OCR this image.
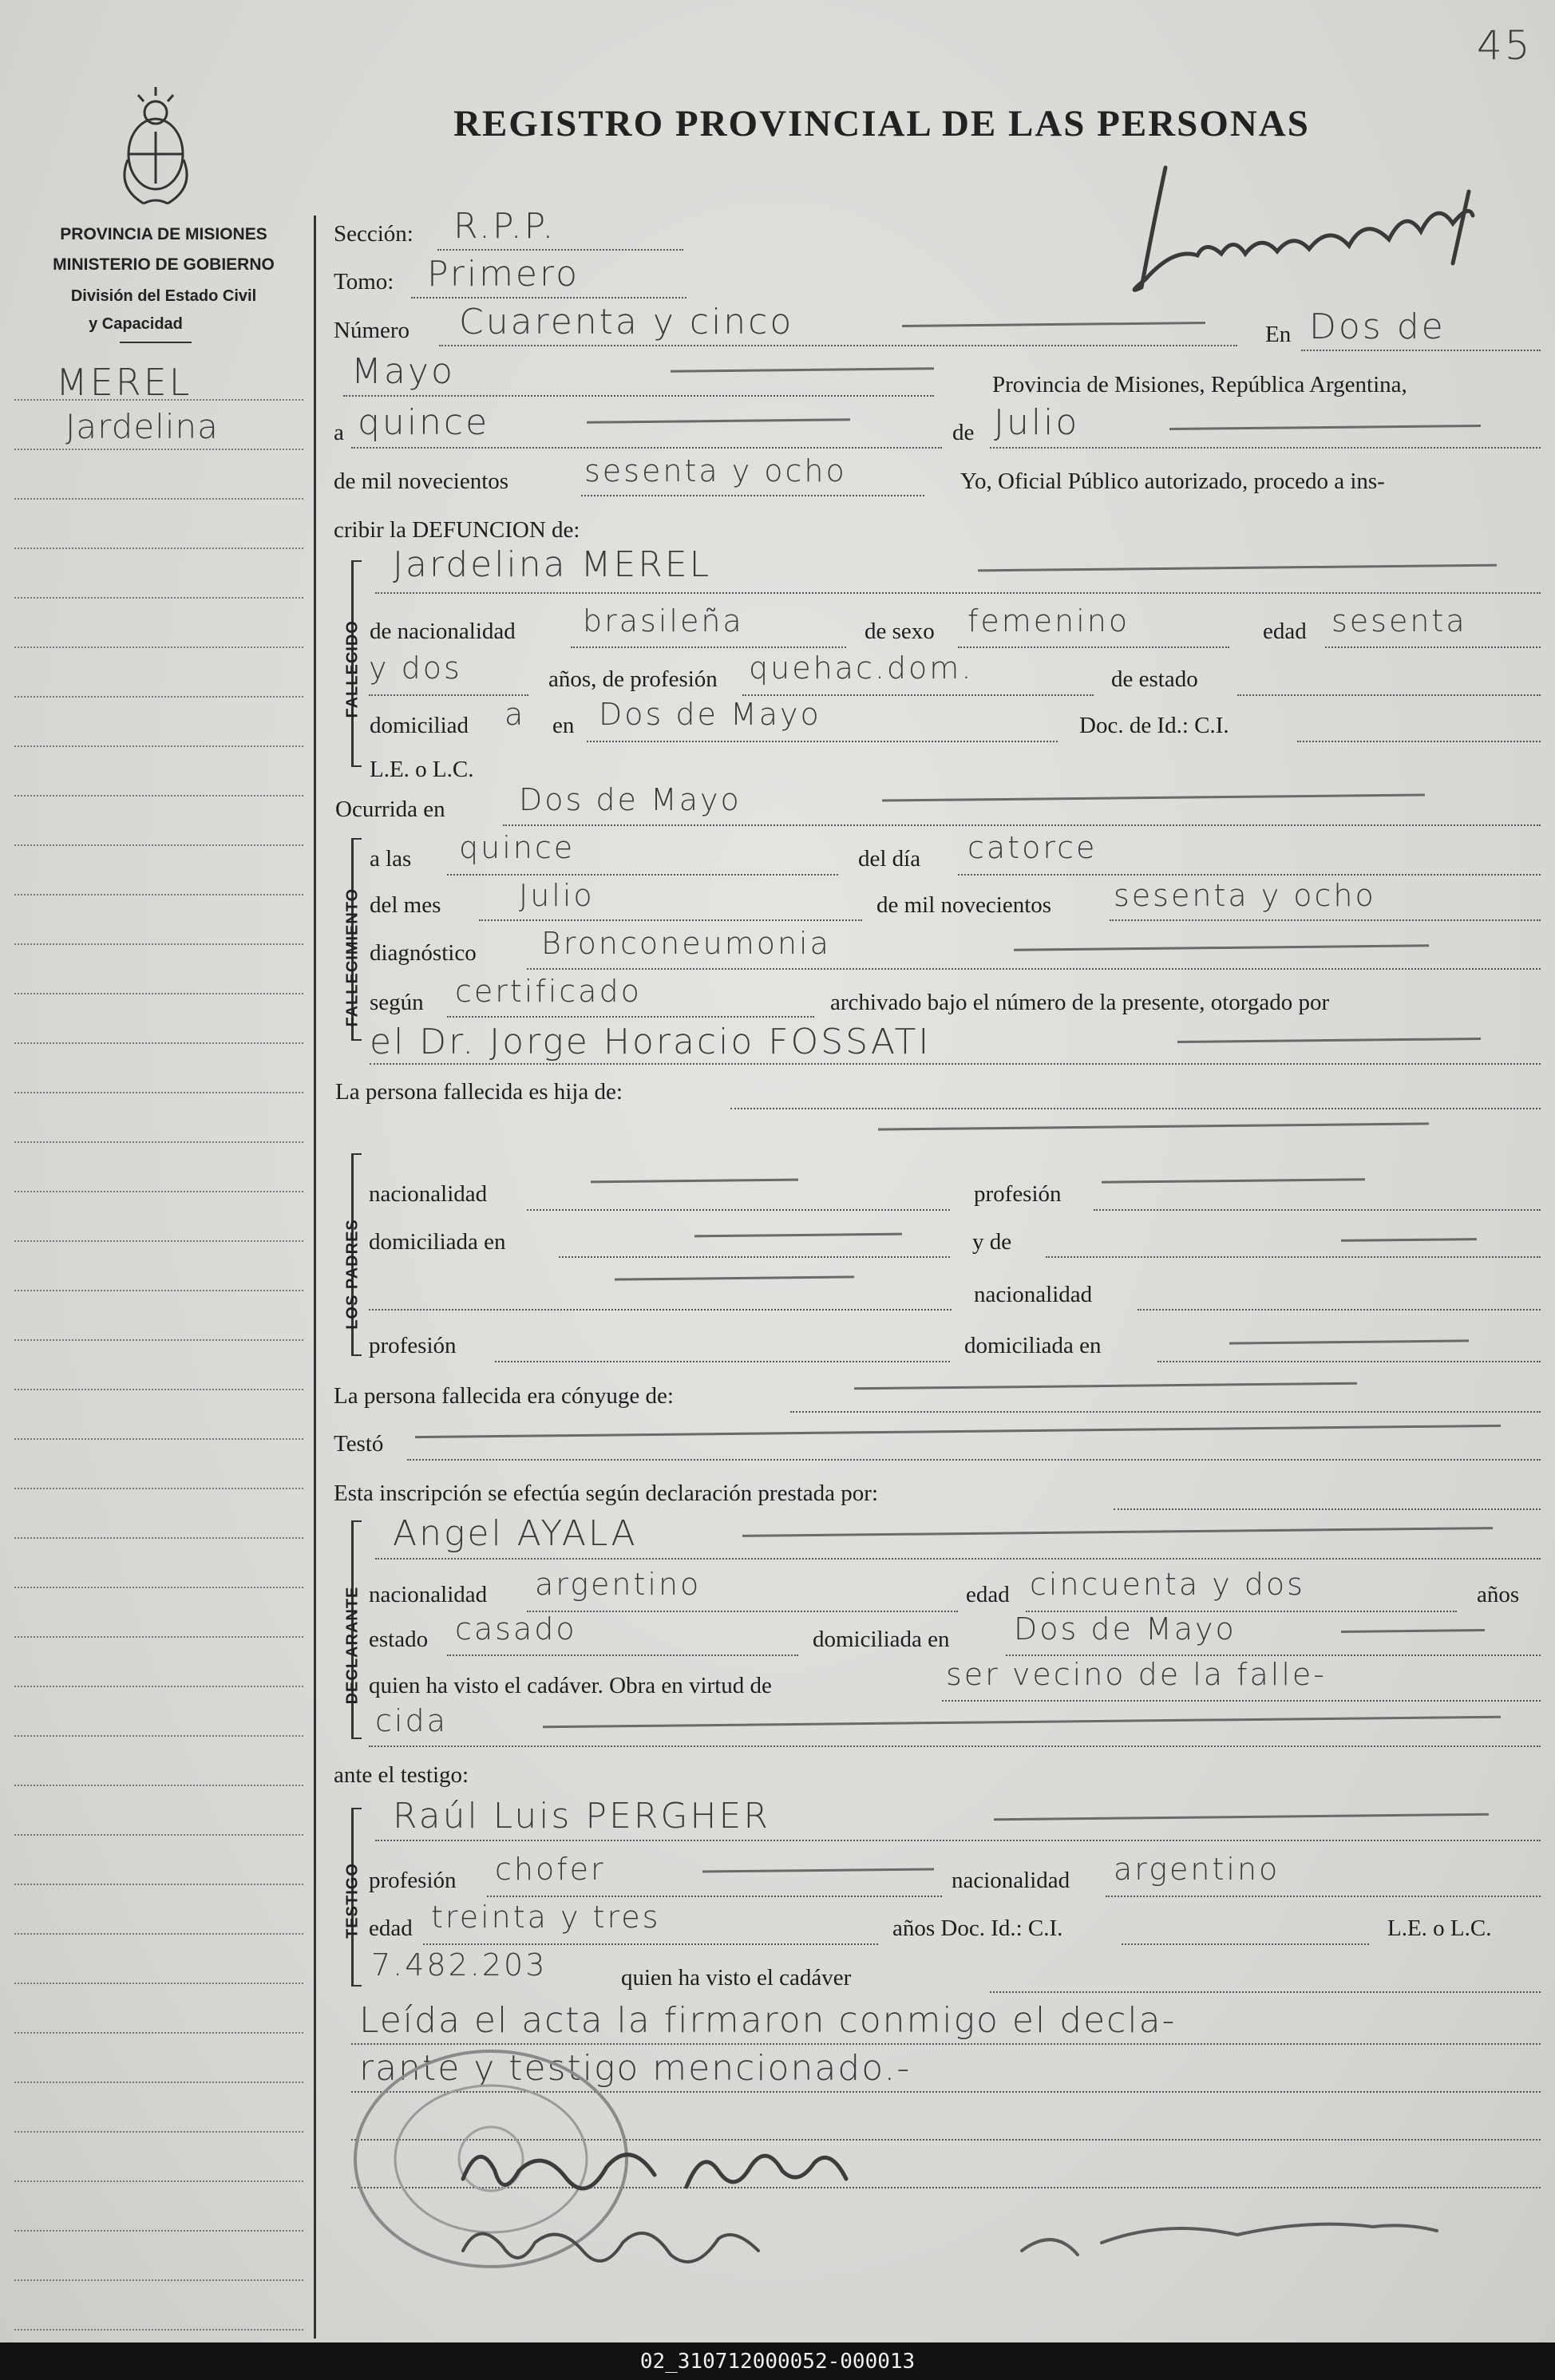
45
REGISTRO PROVINCIAL DE LAS PERSONAS
PROVINCIA DE MISIONES
MINISTERIO DE GOBIERNO
División del Estado Civil
y Capacidad
MEREL
Jardelina
Sección: R.P.P.
Tomo: Primero
Número Cuarenta y cinco	En Dos de
Mayo	Provincia de Misiones, República Argentina,
a quince	de Julio
de mil novecientos sesenta y ocho	Yo, Oficial Público autorizado, procedo a ins-
cribir la DEFUNCION de:
FALLECIDO
Jardelina MEREL
de nacionalidad brasileña	de sexo femenino	edad sesenta
y dos	años, de profesión quehac.dom.	de estado
domiciliad a en Dos de Mayo	Doc. de Id.: C.I.
L.E. o L.C.
Ocurrida en Dos de Mayo
FALLECIMIENTO
a las quince	del día catorce
del mes	Julio	de mil novecientos sesenta y ocho
diagnóstico Bronconeumonia
según certificado	archivado bajo el número de la presente, otorgado por
el Dr. Jorge Horacio FOSSATI
La persona fallecida es hija de:
LOS PADRES
nacionalidad	profesión
domiciliada en	y de
nacionalidad
profesión	domiciliada en
La persona fallecida era cónyuge de:
Testó
Esta inscripción se efectúa según declaración prestada por:
DECLARANTE
Angel AYALA
nacionalidad argentino	edad cincuenta y dos	años
estado casado	domiciliada en Dos de Mayo
quien ha visto el cadáver. Obra en virtud de	ser vecino de la falle-
cida
ante el testigo:
TESTIGO
Raúl Luis PERGHER
profesión chofer	nacionalidad argentino
edad treinta y tres	años Doc. Id.: C.I.	L.E. o L.C.
7.482.203	quien ha visto el cadáver
Leída el acta la firmaron conmigo el decla-
rante y testigo mencionado.-
02_310712000052-000013
